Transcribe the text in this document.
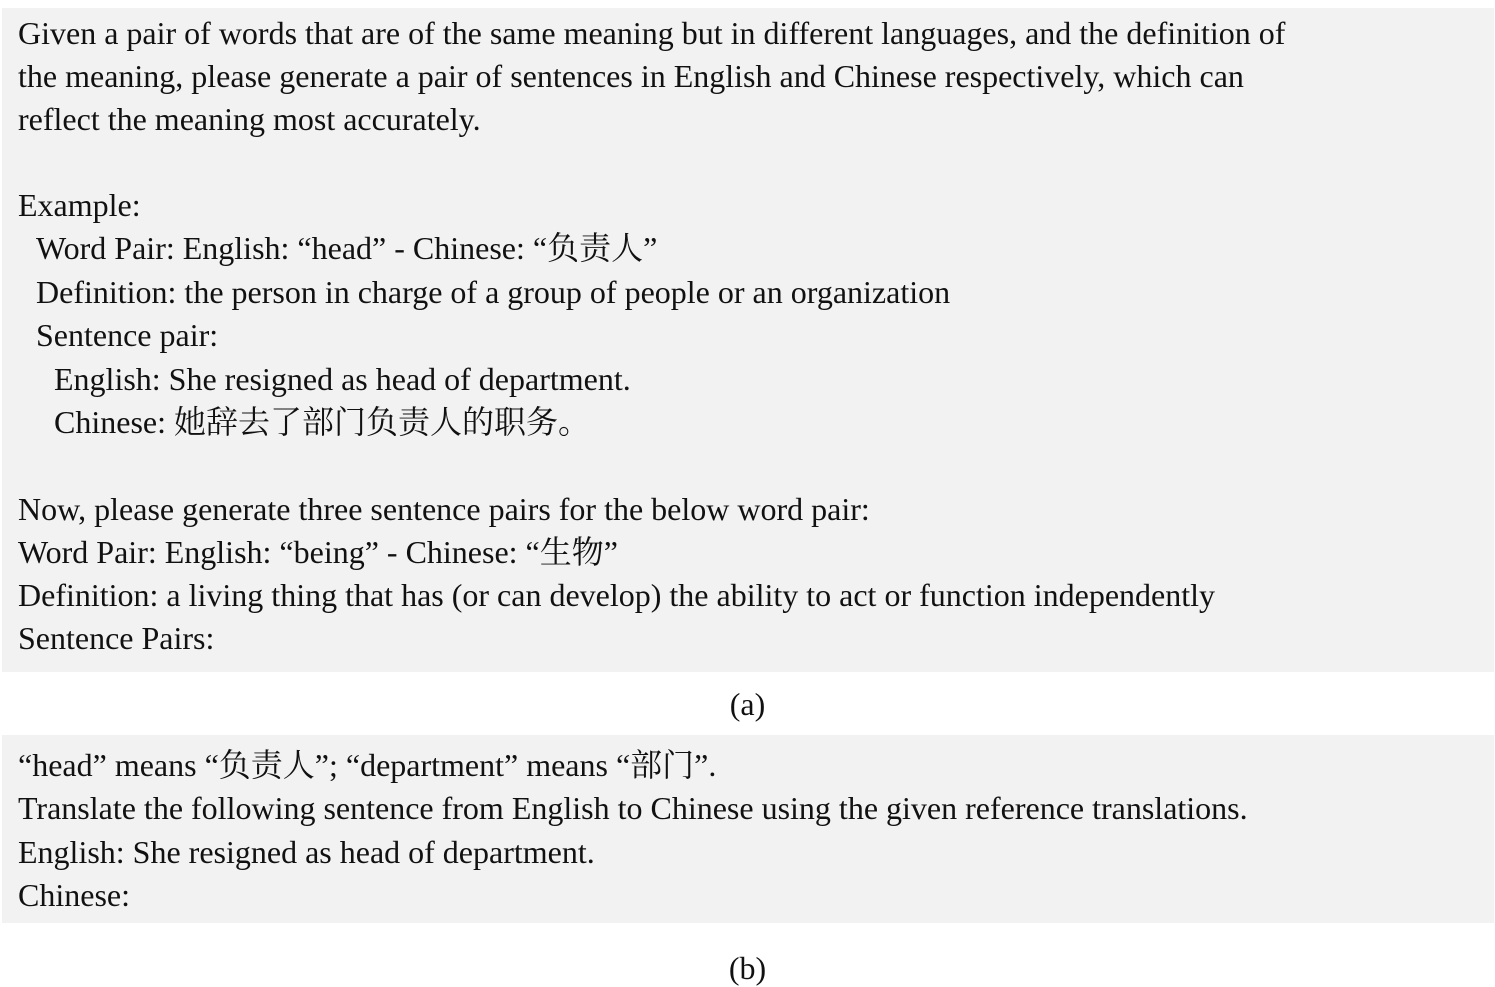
Given a pair of words that are of the same meaning but in different languages, and the definition of
the meaning, please generate a pair of sentences in English and Chinese respectively, which can
reflect the meaning most accurately.
Example:
Word Pair: English: “head” - Chinese: “负责人”
Definition: the person in charge of a group of people or an organization
Sentence pair:
English: She resigned as head of department.
Chinese: 她辞去了部门负责人的职务。
Now, please generate three sentence pairs for the below word pair:
Word Pair: English: “being” - Chinese: “生物”
Definition: a living thing that has (or can develop) the ability to act or function independently
Sentence Pairs:
(a)
“head” means “负责人”; “department” means “部门”.
Translate the following sentence from English to Chinese using the given reference translations.
English: She resigned as head of department.
Chinese:
(b)
